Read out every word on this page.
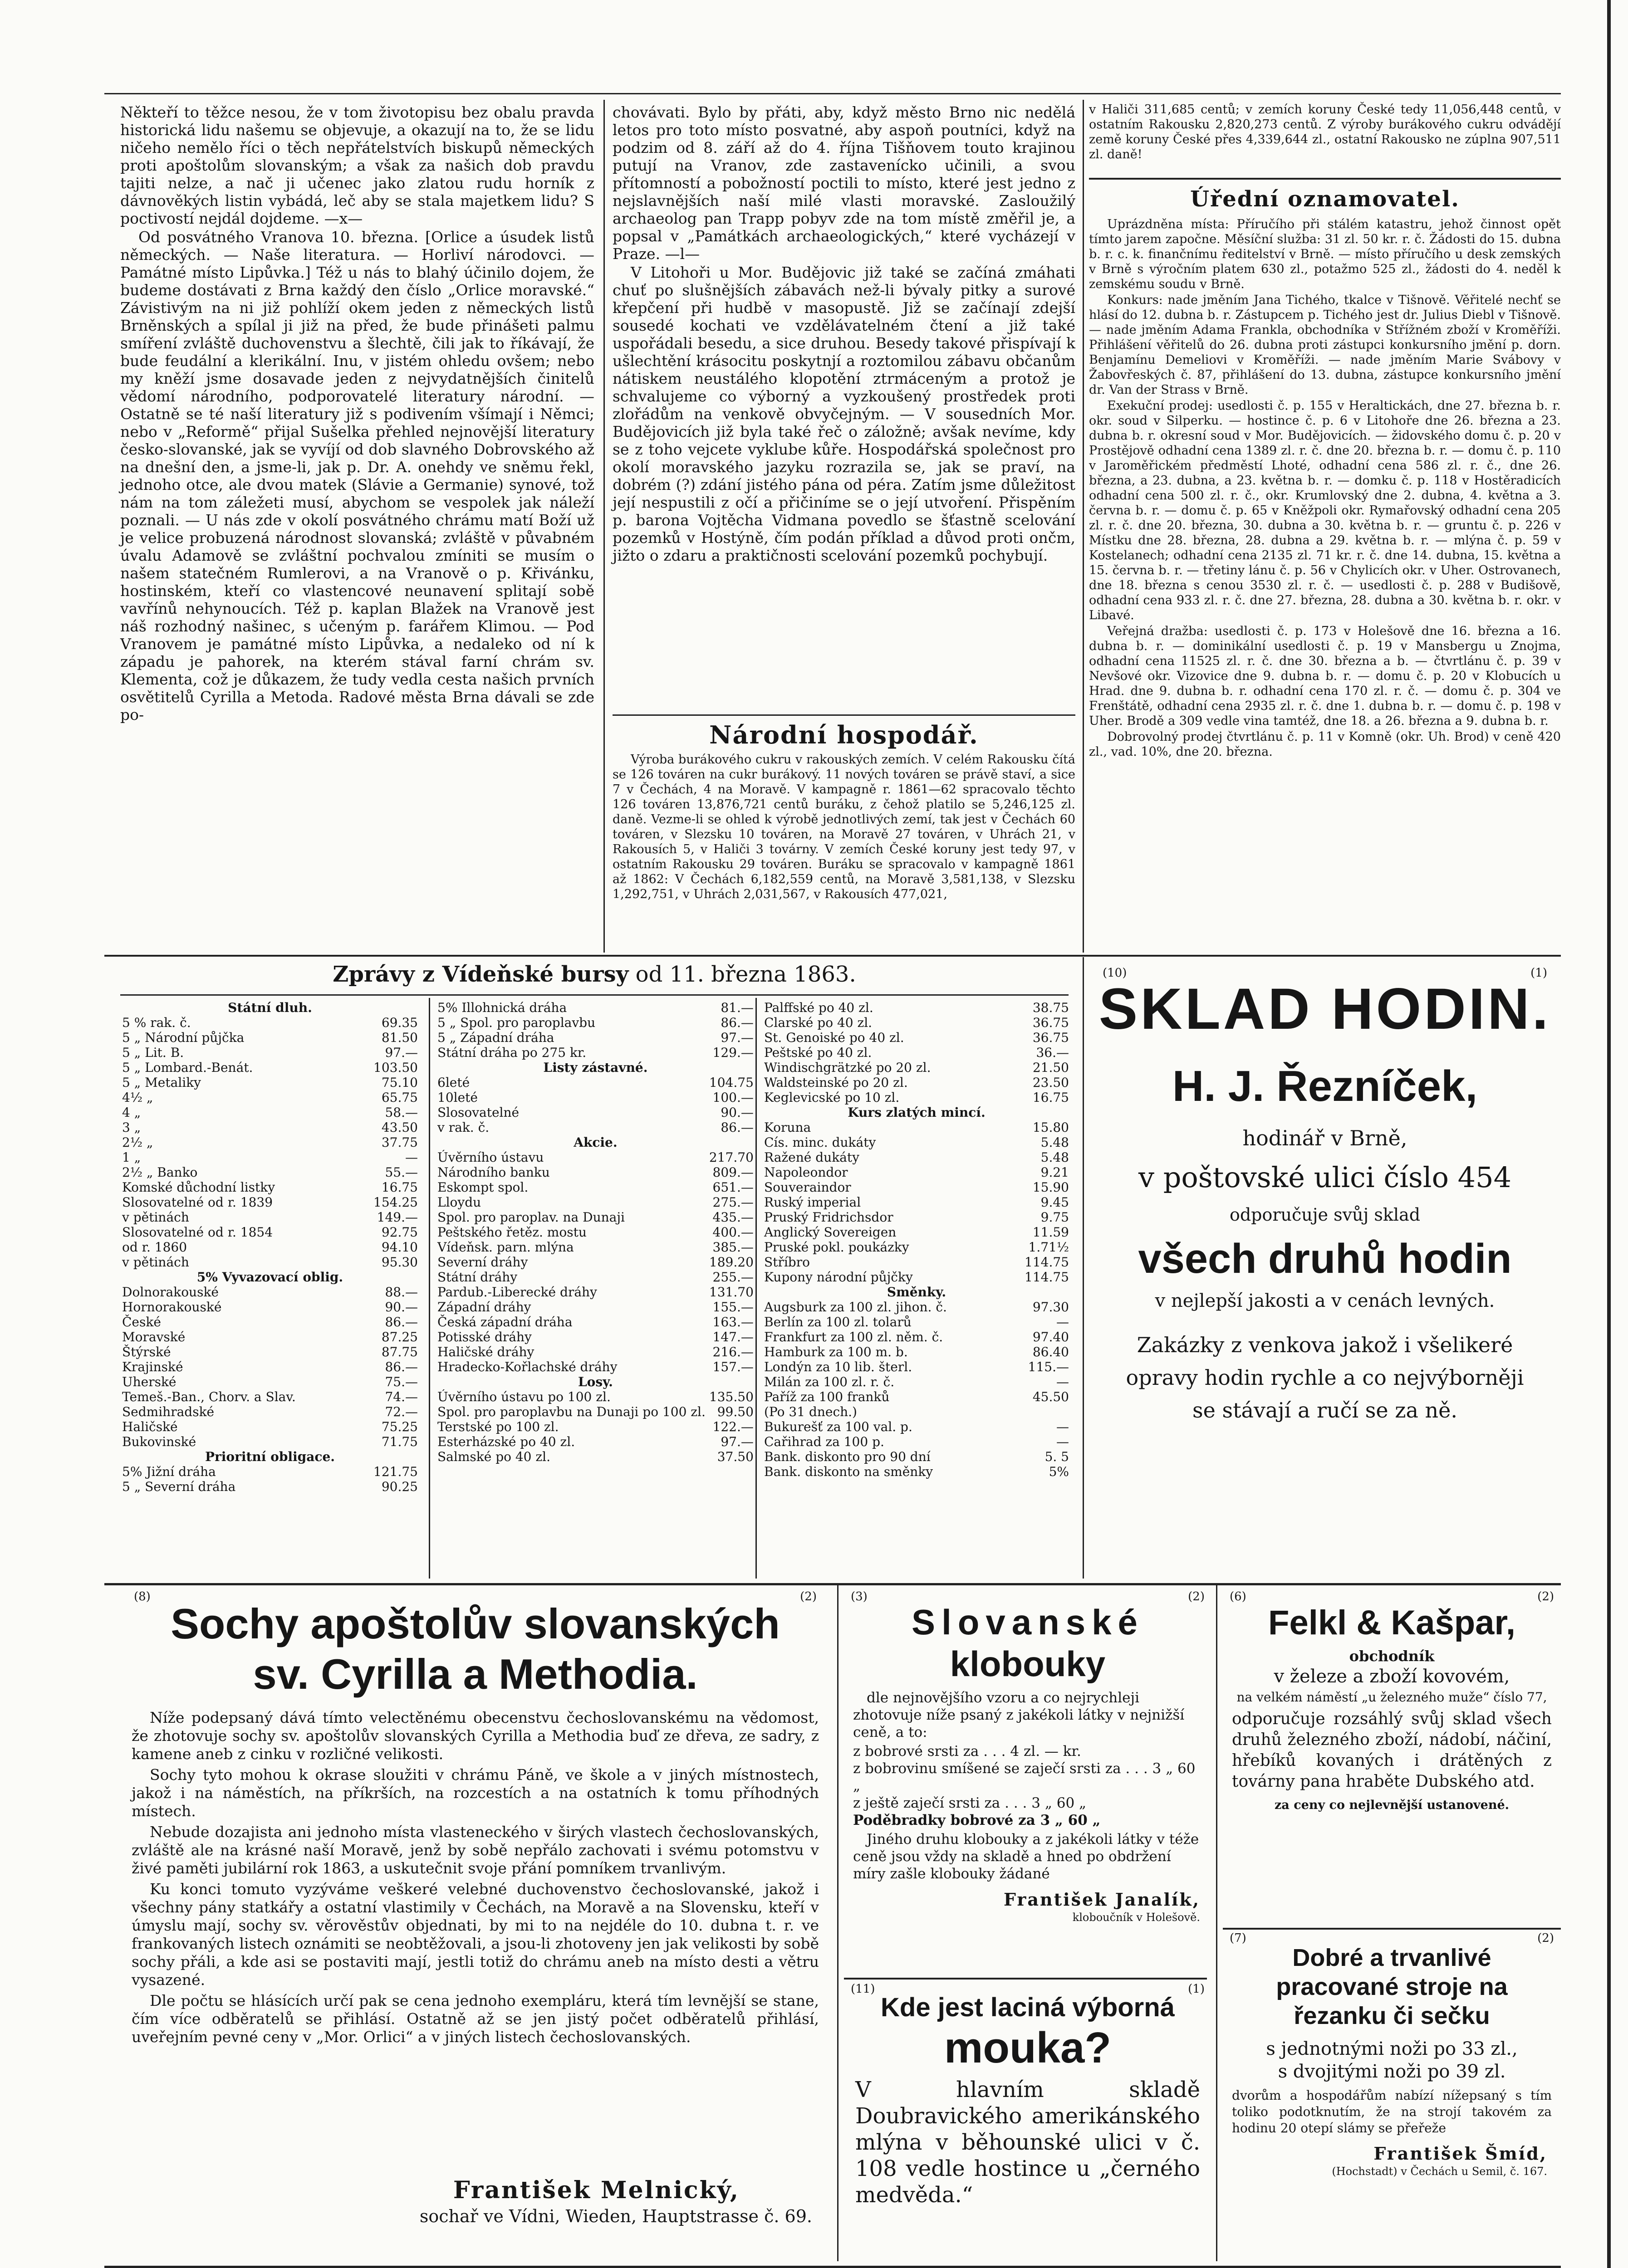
Někteří to těžce nesou, že v tom životopisu bez obalu pravda historická lidu našemu se objevuje, a okazují na to, že se lidu ničeho nemělo říci o těch nepřátelstvích biskupů německých proti apoštolům slovanským; a však za našich dob pravdu tajiti nelze, a nač ji učenec jako zlatou rudu horník z dávnověkých listin vybádá, leč aby se stala majetkem lidu? S poctivostí nejdál dojdeme. —x—

Od posvátného Vranova 10. března. [Orlice a úsudek listů německých. — Naše literatura. — Horliví národovci. — Památné místo Lipůvka.] Též u nás to blahý účinilo dojem, že budeme dostávati z Brna každý den číslo „Orlice moravské.“ Závistivým na ni již pohlíží okem jeden z německých listů Brněnských a spílal ji již na před, že bude přinášeti palmu smíření zvláště duchovenstvu a šlechtě, čili jak to říkávají, že bude feudální a klerikální. Inu, v jistém ohledu ovšem; nebo my kněží jsme dosavade jeden z nejvydatnějších činitelů vědomí národního, podporovatelé literatury národní. — Ostatně se té naší literatury již s podivením všímají i Němci; nebo v „Reformě“ přijal Sušelka přehled nejnovější literatury česko-slovanské, jak se vyvíjí od dob slavného Dobrovského až na dnešní den, a jsme-li, jak p. Dr. A. onehdy ve sněmu řekl, jednoho otce, ale dvou matek (Slávie a Germanie) synové, tož nám na tom záležeti musí, abychom se vespolek jak náleží poznali. — U nás zde v okolí posvátného chrámu matí Boží už je velice probuzená národnost slovanská; zvláště v půvabném úvalu Adamově se zvláštní pochvalou zmíniti se musím o našem statečném Rumlerovi, a na Vranově o p. Křivánku, hostinském, kteří co vlastencové neunavení splitají sobě vavřínů nehynoucích. Též p. kaplan Blažek na Vranově jest náš rozhodný našinec, s učeným p. farářem Klimou. — Pod Vranovem je památné místo Lipůvka, a nedaleko od ní k západu je pahorek, na kterém stával farní chrám sv. Klementa, což je důkazem, že tudy vedla cesta našich prvních osvětitelů Cyrilla a Metoda. Radové města Brna dávali se zde po-

chovávati. Bylo by přáti, aby, když město Brno nic nedělá letos pro toto místo posvatné, aby aspoň poutníci, když na podzim od 8. září až do 4. října Tišňovem touto krajinou putují na Vranov, zde zastavenícko učinili, a svou přítomností a pobožností poctili to místo, které jest jedno z nejslavnějších naší milé vlasti moravské. Zasloužilý archaeolog pan Trapp pobyv zde na tom místě změřil je, a popsal v „Památkách archaeologických,“ které vycházejí v Praze. —l—

V Litohoři u Mor. Budějovic již také se začíná zmáhati chuť po slušnějších zábavách než-li bývaly pitky a surové křepčení při hudbě v masopustě. Již se začínají zdejší sousedé kochati ve vzdělávatelném čtení a již také uspořádali besedu, a sice druhou. Besedy takové přispívají k ušlechtění krásocitu poskytnjí a roztomilou zábavu občanům nátiskem neustálého klopotění ztrmáceným a protož je schvalujeme co výborný a vyzkoušený prostředek proti zlořádům na venkově obvyčejným. — V sousedních Mor. Budějovicích již byla také řeč o záložně; avšak nevíme, kdy se z toho vejcete vyklube kůře. Hospodářská společnost pro okolí moravského jazyku rozrazila se, jak se praví, na dobrém (?) zdání jistého pána od péra. Zatím jsme důležitost její nespustili z očí a přičiníme se o její utvoření. Přispěním p. barona Vojtěcha Vidmana povedlo se šťastně scelování pozemků v Hostýně, čím podán příklad a důvod proti ončm, jižto o zdaru a praktičnosti scelování pozemků pochybují.

Národní hospodář.

Výroba burákového cukru v rakouských zemích. V celém Rakousku čítá se 126 továren na cukr burákový. 11 nových továren se právě staví, a sice 7 v Čechách, 4 na Moravě. V kampagně r. 1861—62 spracovalo těchto 126 továren 13,876,721 centů buráku, z čehož platilo se 5,246,125 zl. daně. Vezme-li se ohled k výrobě jednotlivých zemí, tak jest v Čechách 60 továren, v Slezsku 10 továren, na Moravě 27 továren, v Uhrách 21, v Rakousích 5, v Haliči 3 továrny. V zemích České koruny jest tedy 97, v ostatním Rakousku 29 továren. Buráku se spracovalo v kampagně 1861 až 1862: V Čechách 6,182,559 centů, na Moravě 3,581,138, v Slezsku 1,292,751, v Uhrách 2,031,567, v Rakousích 477,021,

v Haliči 311,685 centů; v zemích koruny České tedy 11,056,448 centů, v ostatním Rakousku 2,820,273 centů. Z výroby burákového cukru odvádějí země koruny České přes 4,339,644 zl., ostatní Rakousko ne zúplna 907,511 zl. daně!

Úřední oznamovatel.

Uprázdněna místa: Příručího při stálém katastru, jehož činnost opět tímto jarem započne. Měsíční služba: 31 zl. 50 kr. r. č. Žádosti do 15. dubna b. r. c. k. finančnímu ředitelství v Brně. — místo příručího u desk zemských v Brně s výročním platem 630 zl., potažmo 525 zl., žádosti do 4. neděl k zemskému soudu v Brně.

Konkurs: nade jměním Jana Tichého, tkalce v Tišnově. Věřitelé nechť se hlásí do 12. dubna b. r. Zástupcem p. Tichého jest dr. Julius Diebl v Tišnově. — nade jměním Adama Frankla, obchodníka v Střížném zboží v Kroměříži. Přihlášení věřitelů do 26. dubna proti zástupci konkursního jmění p. dorn. Benjamínu Demeliovi v Kroměříži. — nade jměním Marie Svábovy v Žabovřeských č. 87, přihlášení do 13. dubna, zástupce konkursního jmění dr. Van der Strass v Brně.

Exekuční prodej: usedlosti č. p. 155 v Heraltickách, dne 27. března b. r. okr. soud v Silperku. — hostince č. p. 6 v Litohoře dne 26. března a 23. dubna b. r. okresní soud v Mor. Budějovicích. — židovského domu č. p. 20 v Prostějově odhadní cena 1389 zl. r. č. dne 20. března b. r. — domu č. p. 110 v Jaroměřickém předměstí Lhoté, odhadní cena 586 zl. r. č., dne 26. března, a 23. dubna, a 23. května b. r. — domku č. p. 118 v Hostěradicích odhadní cena 500 zl. r. č., okr. Krumlovský dne 2. dubna, 4. května a 3. června b. r. — domu č. p. 65 v Kněžpoli okr. Rymařovský odhadní cena 205 zl. r. č. dne 20. března, 30. dubna a 30. května b. r. — gruntu č. p. 226 v Místku dne 28. března, 28. dubna a 29. května b. r. — mlýna č. p. 59 v Kostelanech; odhadní cena 2135 zl. 71 kr. r. č. dne 14. dubna, 15. května a 15. června b. r. — třetiny lánu č. p. 56 v Chylicích okr. v Uher. Ostrovanech, dne 18. března s cenou 3530 zl. r. č. — usedlosti č. p. 288 v Budišově, odhadní cena 933 zl. r. č. dne 27. března, 28. dubna a 30. května b. r. okr. v Libavé.

Veřejná dražba: usedlosti č. p. 173 v Holešově dne 16. března a 16. dubna b. r. — dominikální usedlosti č. p. 19 v Mansbergu u Znojma, odhadní cena 11525 zl. r. č. dne 30. března a b. — čtvrtlánu č. p. 39 v Nevšové okr. Vizovice dne 9. dubna b. r. — domu č. p. 20 v Klobucích u Hrad. dne 9. dubna b. r. odhadní cena 170 zl. r. č. — domu č. p. 304 ve Frenštátě, odhadní cena 2935 zl. r. č. dne 1. dubna b. r. — domu č. p. 198 v Uher. Brodě a 309 vedle vina tamtéž, dne 18. a 26. března a 9. dubna b. r.

Dobrovolný prodej čtvrtlánu č. p. 11 v Komně (okr. Uh. Brod) v ceně 420 zl., vad. 10%, dne 20. března.

Zprávy z Vídeňské bursy od 11. března 1863.
Státní dluh.	
5 % rak. č.	69.35
5 „ Národní půjčka	81.50
5 „ Lit. B.	97.—
5 „ Lombard.-Benát.	103.50
5 „ Metaliky	75.10
4½ „	65.75
4 „	58.—
3 „	43.50
2½ „	37.75
1 „	—
2½ „ Banko	55.—
Komské důchodní listky	16.75
Slosovatelné od r. 1839	154.25
v pětinách	149.—
Slosovatelné od r. 1854	92.75
od r. 1860	94.10
v pětinách	95.30
5% Vyvazovací oblig.	
Dolnorakouské	88.—
Hornorakouské	90.—
České	86.—
Moravské	87.25
Štýrské	87.75
Krajinské	86.—
Uherské	75.—
Temeš.-Ban., Chorv. a Slav.	74.—
Sedmihradské	72.—
Haličské	75.25
Bukovinské	71.75
Prioritní obligace.	
5% Jižní dráha	121.75
5 „ Severní dráha	90.25
5% Illohnická dráha	81.—
5 „ Spol. pro paroplavbu	86.—
5 „ Západní dráha	97.—
Státní dráha po 275 kr.	129.—
Listy zástavné.	
6leté	104.75
10leté	100.—
Slosovatelné	90.—
v rak. č.	86.—
Akcie.	
Úvěrního ústavu	217.70
Národního banku	809.—
Eskompt spol.	651.—
Lloydu	275.—
Spol. pro paroplav. na Dunaji	435.—
Peštského řetěz. mostu	400.—
Vídeňsk. parn. mlýna	385.—
Severní dráhy	189.20
Státní dráhy	255.—
Pardub.-Liberecké dráhy	131.70
Západní dráhy	155.—
Česká západní dráha	163.—
Potisské dráhy	147.—
Haličské dráhy	216.—
Hradecko-Kořlachské dráhy	157.—
Losy.	
Úvěrního ústavu po 100 zl.	135.50
Spol. pro paroplavbu na Dunaji po 100 zl.	99.50
Terstské po 100 zl.	122.—
Esterházské po 40 zl.	97.—
Salmské po 40 zl.	37.50
Palffské po 40 zl.	38.75
Clarské po 40 zl.	36.75
St. Genoiské po 40 zl.	36.75
Peštské po 40 zl.	36.—
Windischgrätzké po 20 zl.	21.50
Waldsteinské po 20 zl.	23.50
Keglevicské po 10 zl.	16.75
Kurs zlatých mincí.	
Koruna	15.80
Cís. minc. dukáty	5.48
Ražené dukáty	5.48
Napoleondor	9.21
Souveraindor	15.90
Ruský imperial	9.45
Pruský Fridrichsdor	9.75
Anglický Sovereigen	11.59
Pruské pokl. poukázky	1.71½
Stříbro	114.75
Kupony národní půjčky	114.75
Směnky.	
Augsburk za 100 zl. jihon. č.	97.30
Berlín za 100 zl. tolarů	—
Frankfurt za 100 zl. něm. č.	97.40
Hamburk za 100 m. b.	86.40
Londýn za 10 lib. šterl.	115.—
Milán za 100 zl. r. č.	—
Paříž za 100 franků	45.50
(Po 31 dnech.)	
Bukurešť za 100 val. p.	—
Cařihrad za 100 p.	—
Bank. diskonto pro 90 dní	5. 5
Bank. diskonto na směnky	5%
(10)	(1)
SKLAD HODIN.
H. J. Řezníček,
hodinář v Brně,
v poštovské ulici číslo 454
odporučuje svůj sklad
všech druhů hodin
v nejlepší jakosti a v cenách levných.
Zakázky z venkova jakož i všelikeré opravy hodin rychle a co nejvýborněji se stávají a ručí se za ně.
(8)	(2)
Sochy apoštolův slovanských
sv. Cyrilla a Methodia.

Níže podepsaný dává tímto velectěnému obecenstvu čechoslovanskému na vědomost, že zhotovuje sochy sv. apoštolův slovanských Cyrilla a Methodia buď ze dřeva, ze sadry, z kamene aneb z cinku v rozličné velikosti.

Sochy tyto mohou k okrase sloužiti v chrámu Páně, ve škole a v jiných místnostech, jakož i na náměstích, na příkrších, na rozcestích a na ostatních k tomu příhodných místech.

Nebude dozajista ani jednoho místa vlasteneckého v širých vlastech čechoslovanských, zvláště ale na krásné naší Moravě, jenž by sobě nepřálo zachovati i svému potomstvu v živé paměti jubilární rok 1863, a uskutečnit svoje přání pomníkem trvanlivým.

Ku konci tomuto vyzýváme veškeré velebné duchovenstvo čechoslovanské, jakož i všechny pány statkářy a ostatní vlastimily v Čechách, na Moravě a na Slovensku, kteří v úmyslu mají, sochy sv. věrověstův objednati, by mi to na nejdéle do 10. dubna t. r. ve frankovaných listech oznámiti se neobtěžovali, a jsou-li zhotoveny jen jak velikosti by sobě sochy přáli, a kde asi se postaviti mají, jestli totiž do chrámu aneb na místo desti a větru vysazené.

Dle počtu se hlásících určí pak se cena jednoho exempláru, která tím levnější se stane, čím více odběratelů se přihlásí. Ostatně až se jen jistý počet odběratelů přihlásí, uveřejním pevné ceny v „Mor. Orlici“ a v jiných listech čechoslovanských.

František Melnický,
sochař ve Vídni, Wieden, Hauptstrasse č. 69.
(3)	(2)
Slovanské
klobouky

dle nejnovějšího vzoru a co nejrychleji zhotovuje níže psaný z jakékoli látky v nejnižší ceně, a to:

z bobrové srsti za . . . 4 zl. — kr.
z bobrovinu smíšené se zaječí srsti za . . . 3 „ 60 „
z ještě zaječí srsti za . . . 3 „ 60 „
Poděbradky bobrové za 3 „ 60 „

Jiného druhu klobouky a z jakékoli látky v téže ceně jsou vždy na skladě a hned po obdržení míry zašle klobouky žádané

František Janalík,
kloboučník v Holešově.
(11)	(1)
Kde jest laciná výborná
mouka?
V hlavním skladě Doubravického amerikánského mlýna v běhounské ulici v č. 108 vedle hostince u „černého medvěda.“
(6)	(2)
Felkl & Kašpar,
obchodník
v železe a zboží kovovém,
na velkém náměstí „u železného muže“ číslo 77,
odporučuje rozsáhlý svůj sklad všech druhů železného zboží, nádobí, náčiní, hřebíků kovaných i drátěných z továrny pana hraběte Dubského atd.
za ceny co nejlevnější ustanovené.
(7)	(2)
Dobré a trvanlivé pracované stroje na řezanku či sečku
s jednotnými noži po 33 zl.,
s dvojitými noži po 39 zl.
dvorům a hospodářům nabízí nížepsaný s tím toliko podotknutím, že na strojí takovém za hodinu 20 otepí slámy se přeřeže
František Šmíd,
(Hochstadt) v Čechách u Semil, č. 167.
